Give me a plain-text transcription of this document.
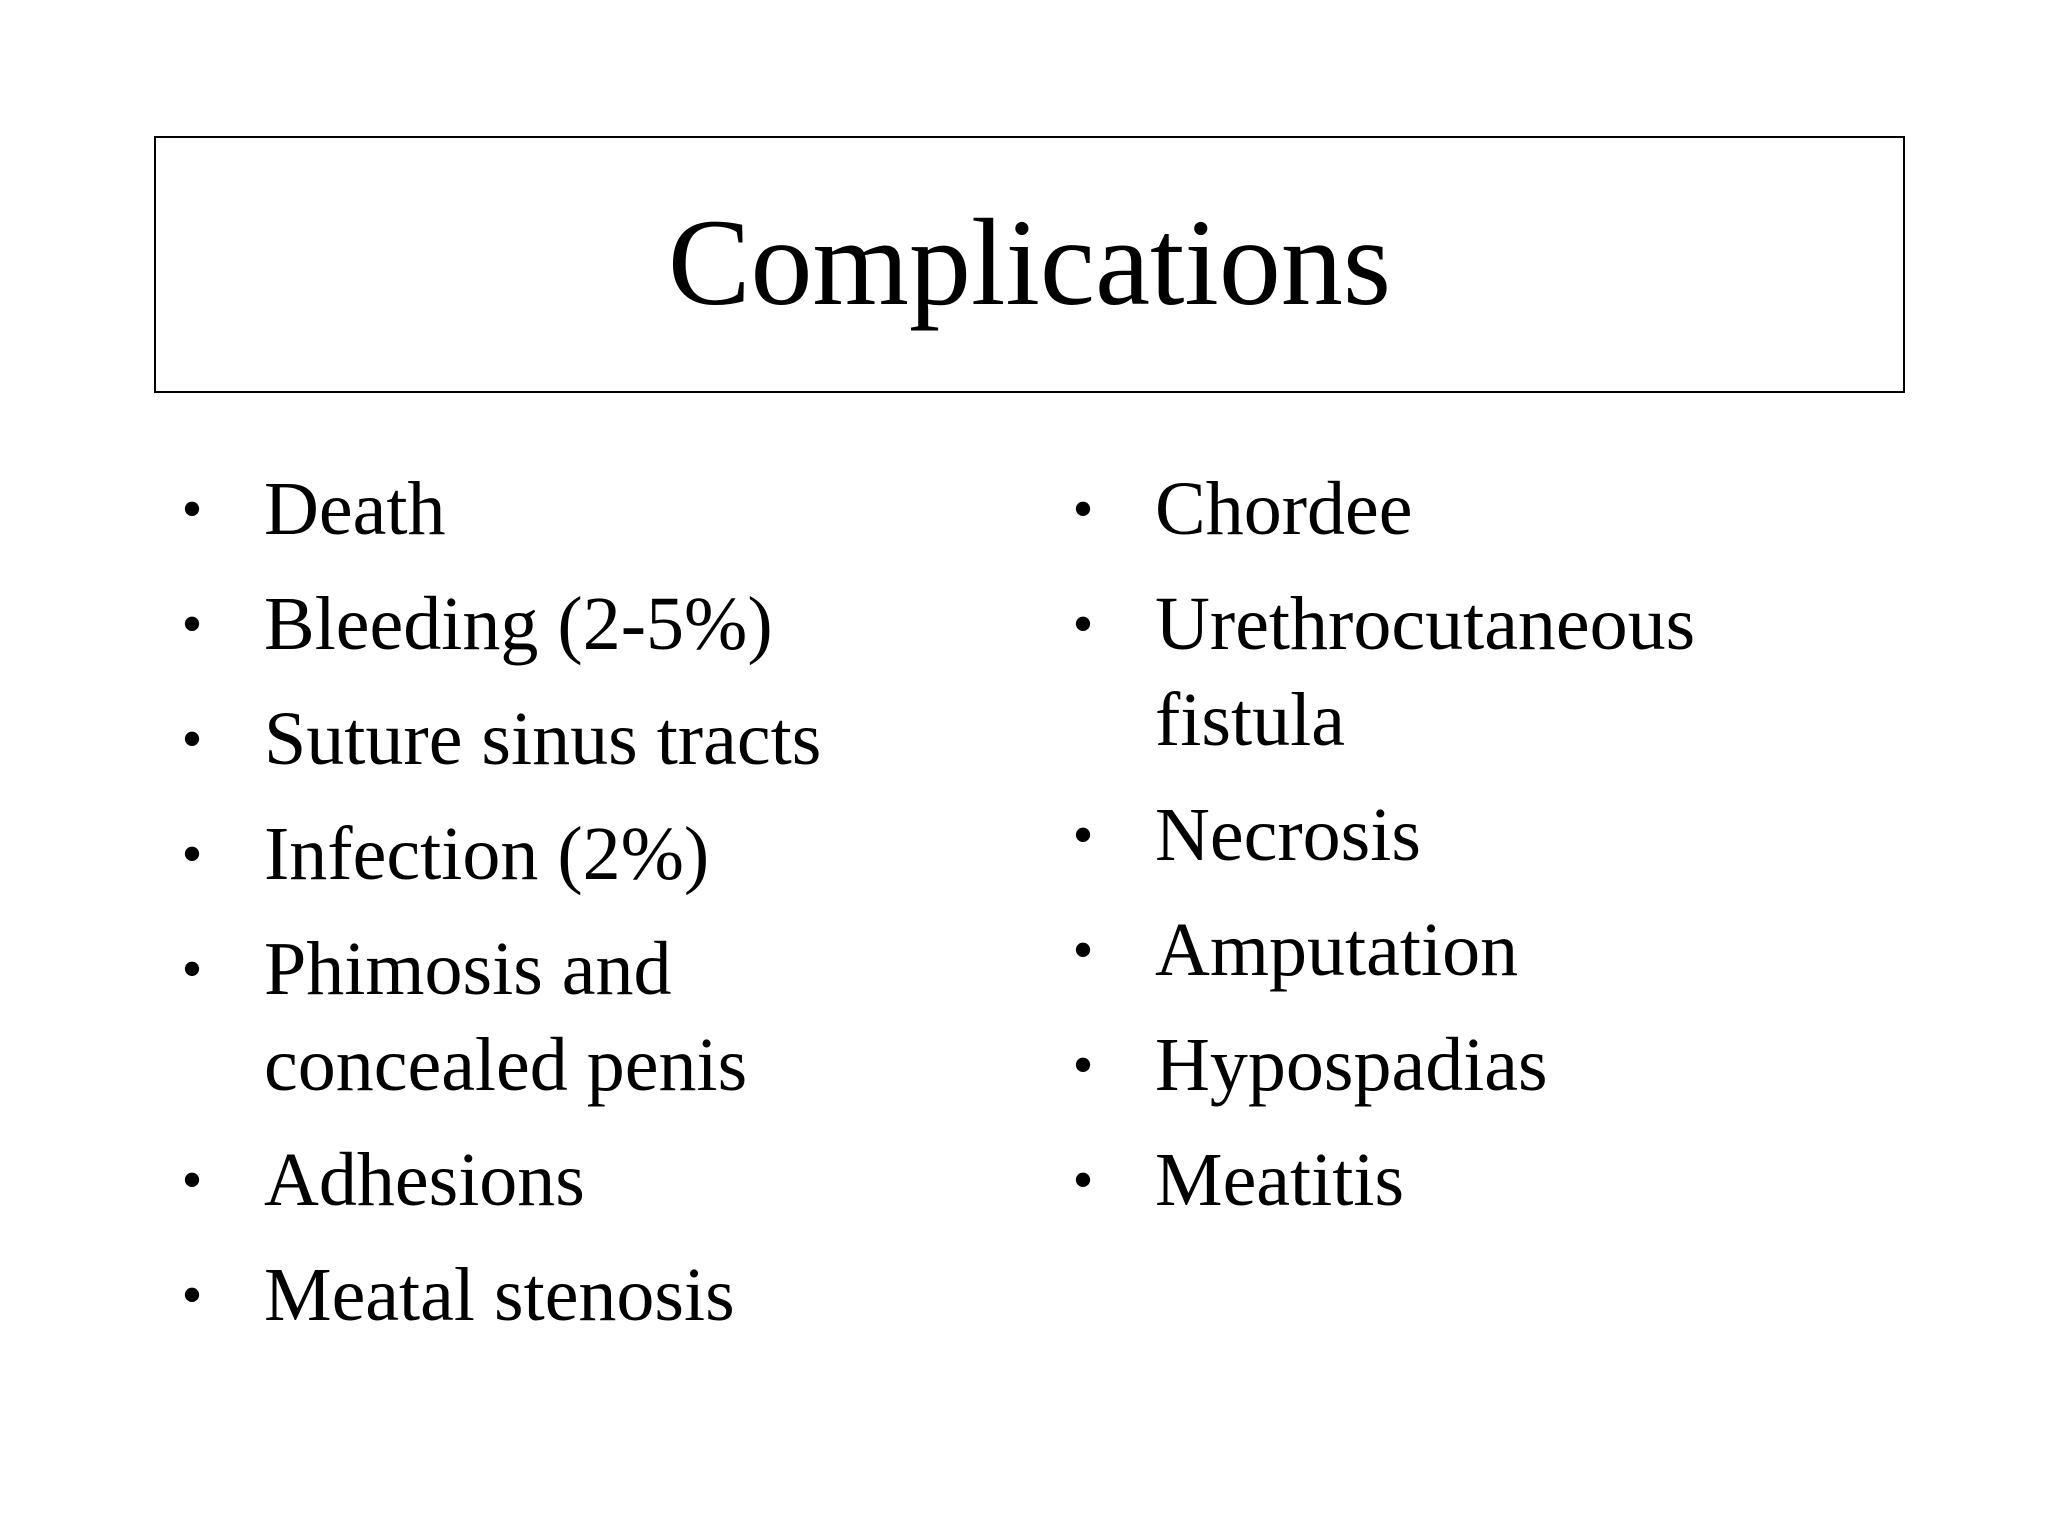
Complications
• Death
• Bleeding (2-5%)
• Suture sinus tracts
• Infection (2%)
• Phimosis and
concealed penis
• Adhesions
• Meatal stenosis
• Chordee
• Urethrocutaneous
fistula
• Necrosis
• Amputation
• Hypospadias
• Meatitis
